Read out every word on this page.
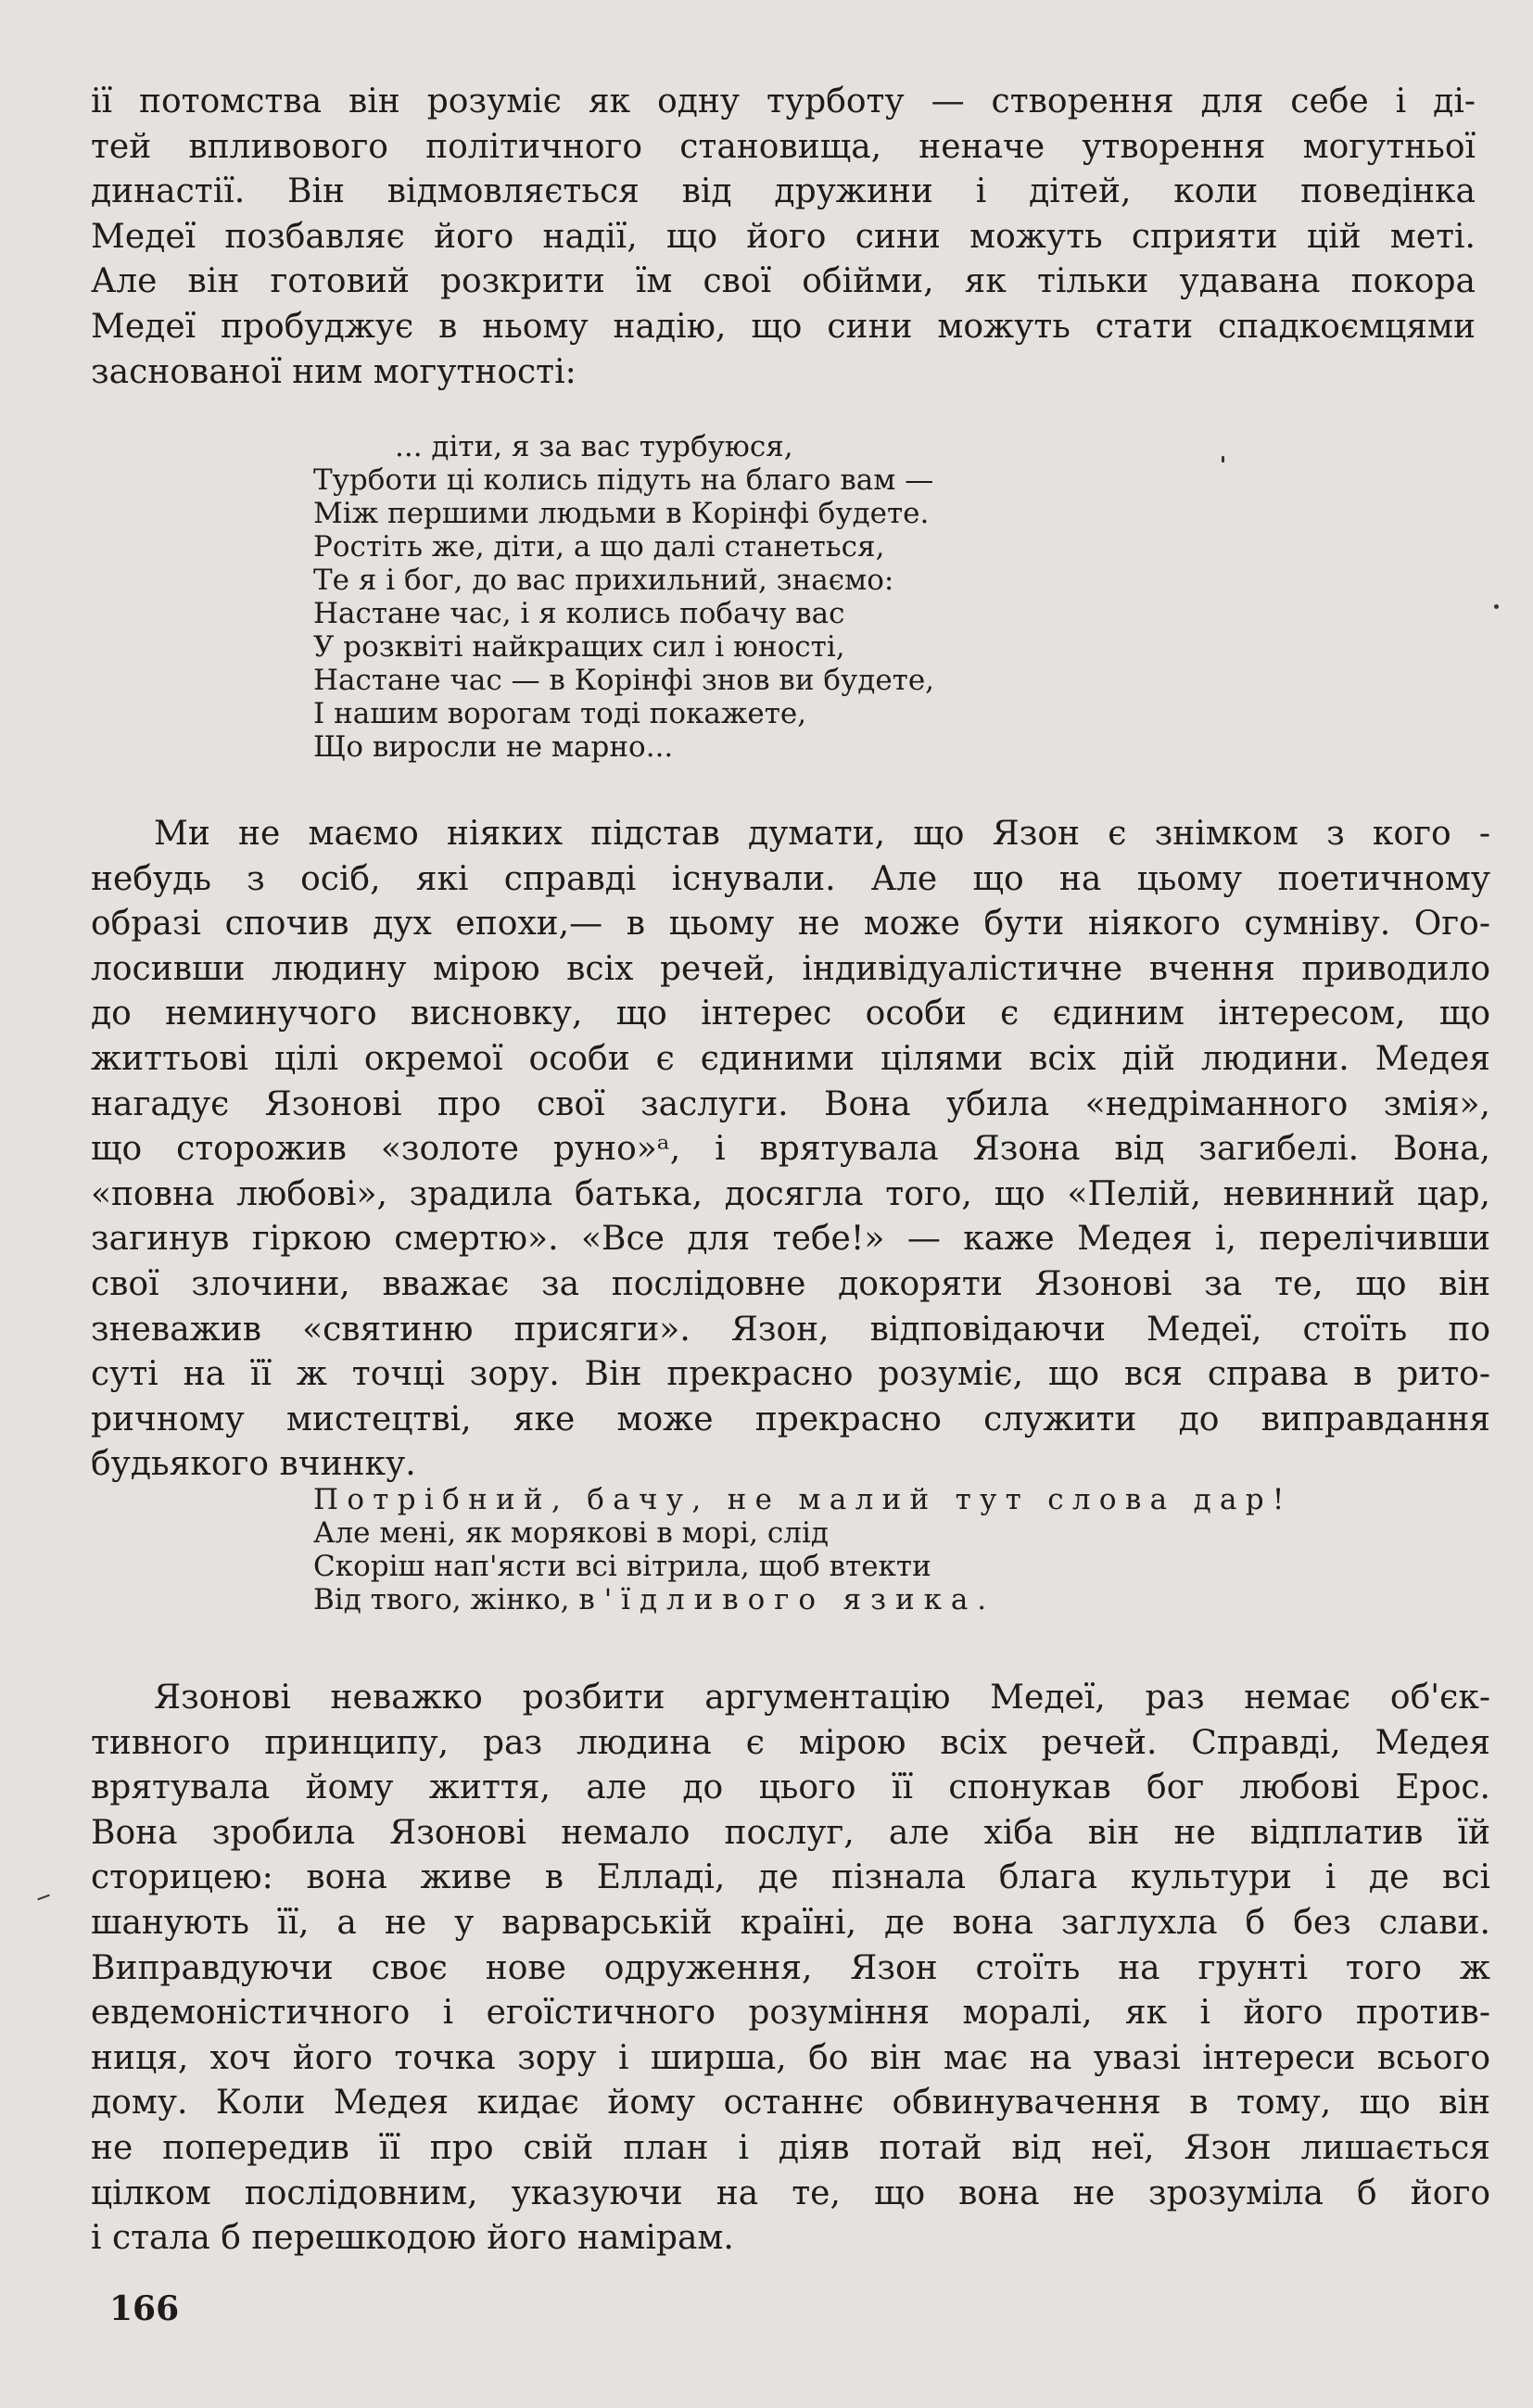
ії потомства він розуміє як одну турботу — створення для себе і ді-
тей впливового політичного становища, неначе утворення могутньої
династії. Він відмовляється від дружини і дітей, коли поведінка
Медеї позбавляє його надії, що його сини можуть сприяти цій меті.
Але він готовий розкрити їм свої обійми, як тільки удавана покора
Медеї пробуджує в ньому надію, що сини можуть стати спадкоємцями
заснованої ним могутності:
... діти, я за вас турбуюся,
Турботи ці колись підуть на благо вам —
Між першими людьми в Корінфі будете.
Ростіть же, діти, а що далі станеться,
Те я і бог, до вас прихильний, знаємо:
Настане час, і я колись побачу вас
У розквіті найкращих сил і юності,
Настане час — в Корінфі знов ви будете,
І нашим ворогам тоді покажете,
Що виросли не марно...
Ми не маємо ніяких підстав думати, що Язон є знімком з кого -
небудь з осіб, які справді існували. Але що на цьому поетичному
образі спочив дух епохи,— в цьому не може бути ніякого сумніву. Ого-
лосивши людину мірою всіх речей, індивідуалістичне вчення приводило
до неминучого висновку, що інтерес особи є єдиним інтересом, що
життьові цілі окремої особи є єдиними цілями всіх дій людини. Медея
нагадує Язонові про свої заслуги. Вона убила «недріманного змія»,
що сторожив «золоте руно»ᵃ, і врятувала Язона від загибелі. Вона,
«повна любові», зрадила батька, досягла того, що «Пелій, невинний цар,
загинув гіркою смертю». «Все для тебе!» — каже Медея і, перелічивши
свої злочини, вважає за послідовне докоряти Язонові за те, що він
зневажив «святиню присяги». Язон, відповідаючи Медеї, стоїть по
суті на її ж точці зору. Він прекрасно розуміє, що вся справа в рито-
ричному мистецтві, яке може прекрасно служити до виправдання
будьякого вчинку.
Потрібний, бачу, не малий тут слова дар!
Але мені, як морякові в морі, слід
Скоріш нап'ясти всі вітрила, щоб втекти
Від твого, жінко, в'їдливого язика.
Язонові неважко розбити аргументацію Медеї, раз немає об'єк-
тивного принципу, раз людина є мірою всіх речей. Справді, Медея
врятувала йому життя, але до цього її спонукав бог любові Ерос.
Вона зробила Язонові немало послуг, але хіба він не відплатив їй
сторицею: вона живе в Елладі, де пізнала блага культури і де всі
шанують її, а не у варварській країні, де вона заглухла б без слави.
Виправдуючи своє нове одруження, Язон стоїть на грунті того ж
евдемоністичного і егоїстичного розуміння моралі, як і його против-
ниця, хоч його точка зору і ширша, бо він має на увазі інтереси всього
дому. Коли Медея кидає йому останнє обвинувачення в тому, що він
не попередив її про свій план і діяв потай від неї, Язон лишається
цілком послідовним, указуючи на те, що вона не зрозуміла б його
і стала б перешкодою його намірам.
166
